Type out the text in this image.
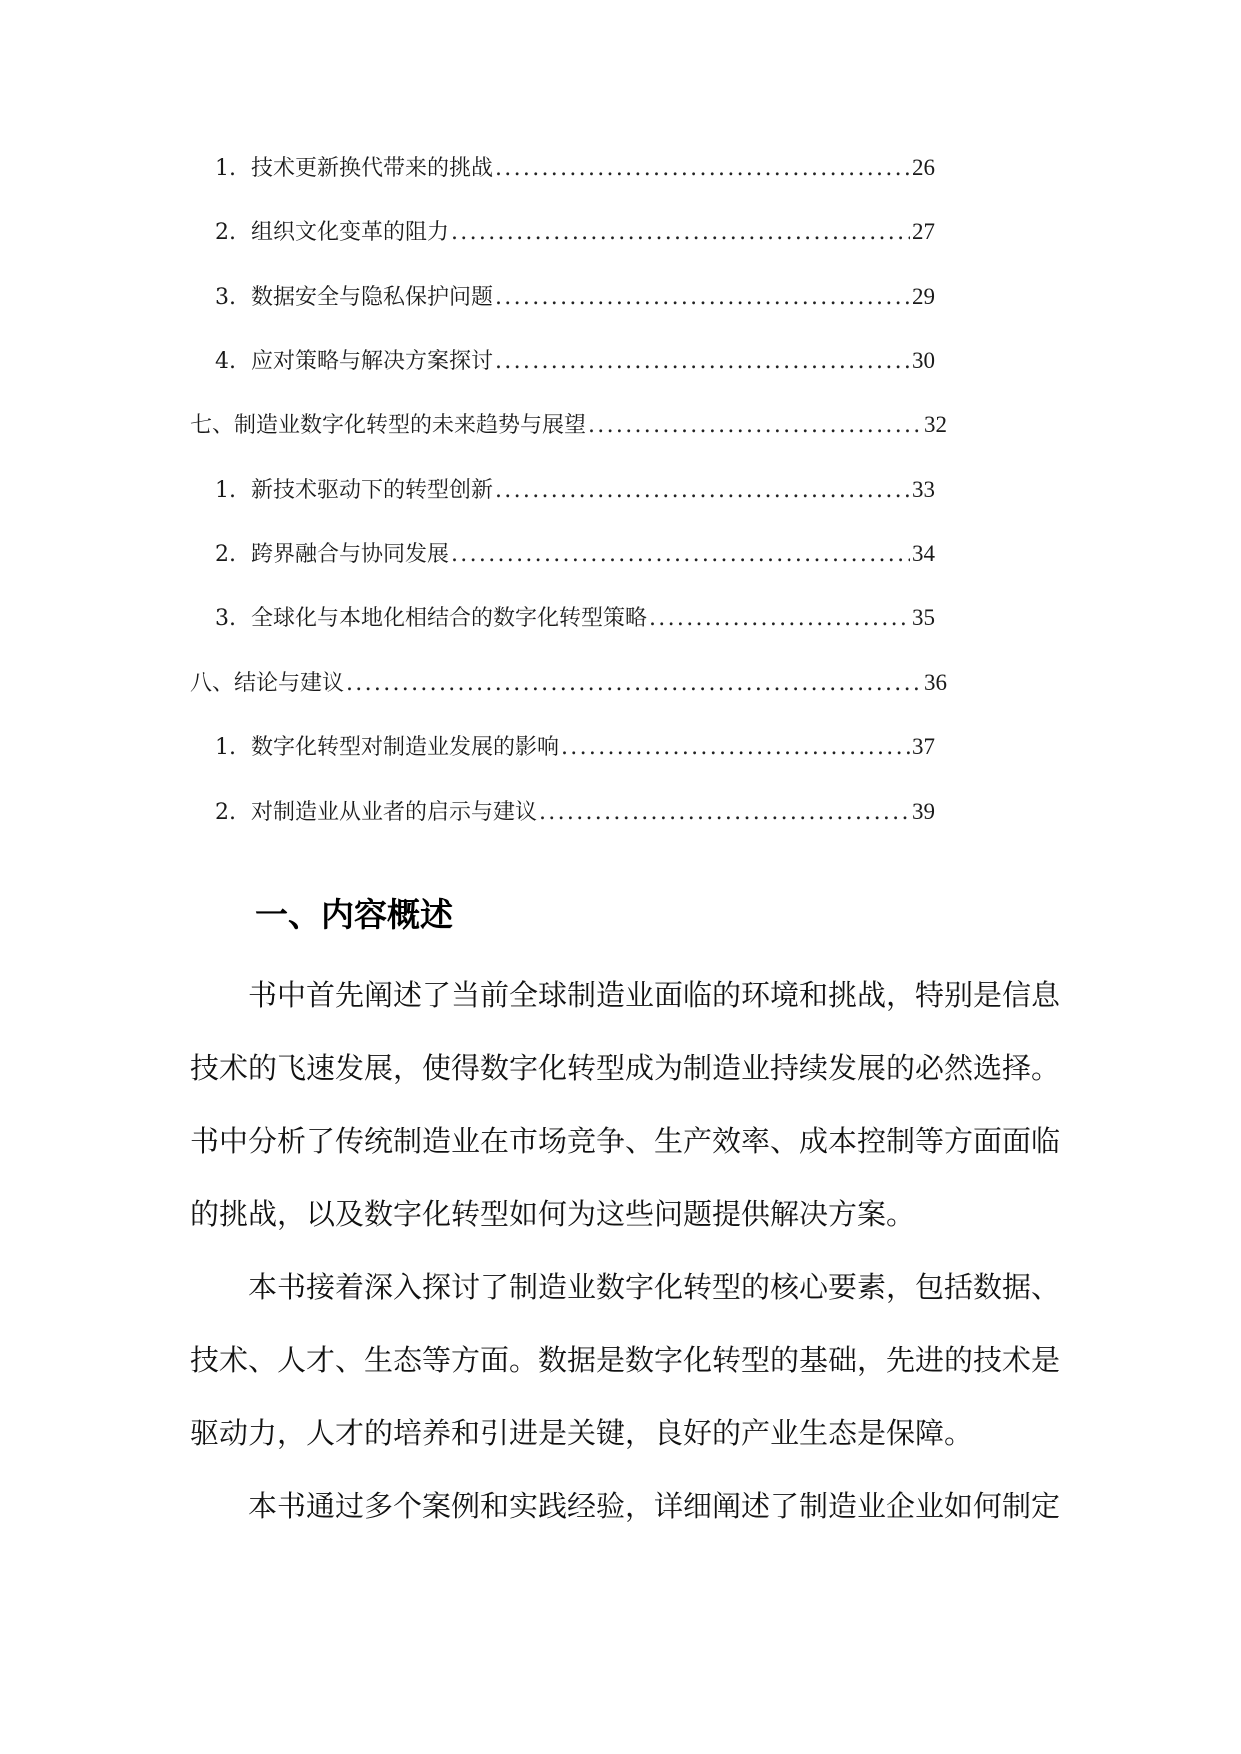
1. 技术更新换代带来的挑战 .....	26
2. 组织文化变革的阻力 .....	27
3. 数据安全与隐私保护问题 .....	29
4. 应对策略与解决方案探讨 .....	30
七、制造业数字化转型的未来趋势与展望 .....	32
1. 新技术驱动下的转型创新 .....	33
2. 跨界融合与协同发展 .....	34
3. 全球化与本地化相结合的数字化转型策略 .....	35
八、结论与建议 .....	36
1. 数字化转型对制造业发展的影响 .....	37
2. 对制造业从业者的启示与建议 .....	39
一、内容概述
书中首先阐述了当前全球制造业面临的环境和挑战，特别是信息
技术的飞速发展，使得数字化转型成为制造业持续发展的必然选择。
书中分析了传统制造业在市场竞争、生产效率、成本控制等方面面临
的挑战，以及数字化转型如何为这些问题提供解决方案。
本书接着深入探讨了制造业数字化转型的核心要素，包括数据、
技术、人才、生态等方面。数据是数字化转型的基础，先进的技术是
驱动力，人才的培养和引进是关键，良好的产业生态是保障。
本书通过多个案例和实践经验，详细阐述了制造业企业如何制定
